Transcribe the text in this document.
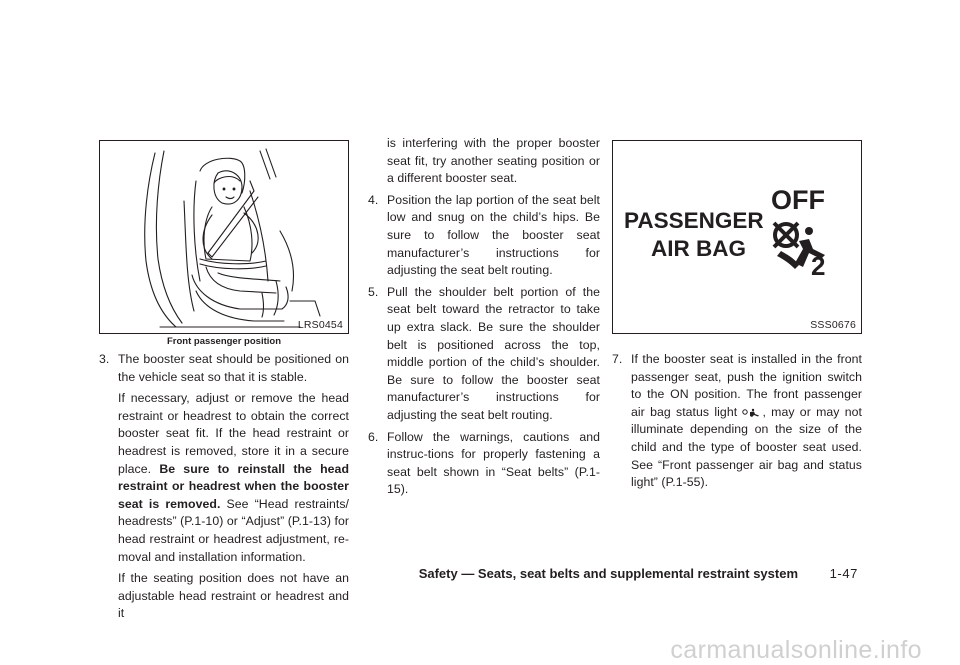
LRS0454
Front passenger position
PASSENGER
AIR BAG
OFF
2
SSS0676
3. The booster seat should be positioned on the vehicle seat so that it is stable.

If necessary, adjust or remove the head restraint or headrest to obtain the correct booster seat fit. If the head restraint or headrest is removed, store it in a secure place. Be sure to reinstall the head restraint or headrest when the booster seat is removed. See “Head restraints/ headrests” (P.1-10) or “Adjust” (P.1-13) for head restraint or headrest adjustment, re-moval and installation information.

If the seating position does not have an adjustable head restraint or headrest and it

is interfering with the proper booster seat fit, try another seating position or a different booster seat.

4. Position the lap portion of the seat belt low and snug on the child’s hips. Be sure to follow the booster seat manufacturer’s instructions for adjusting the seat belt routing.
5. Pull the shoulder belt portion of the seat belt toward the retractor to take up extra slack. Be sure the shoulder belt is positioned across the top, middle portion of the child’s shoulder. Be sure to follow the booster seat manufacturer’s instructions for adjusting the seat belt routing.
6. Follow the warnings, cautions and instruc-tions for properly fastening a seat belt shown in “Seat belts” (P.1-15).
7. If the booster seat is installed in the front passenger seat, push the ignition switch to the ON position. The front passenger air bag status light , may or may not illuminate depending on the size of the child and the type of booster seat used. See “Front passenger air bag and status light” (P.1-55).
Safety — Seats, seat belts and supplemental restraint system 1-47
carmanualsonline.info
